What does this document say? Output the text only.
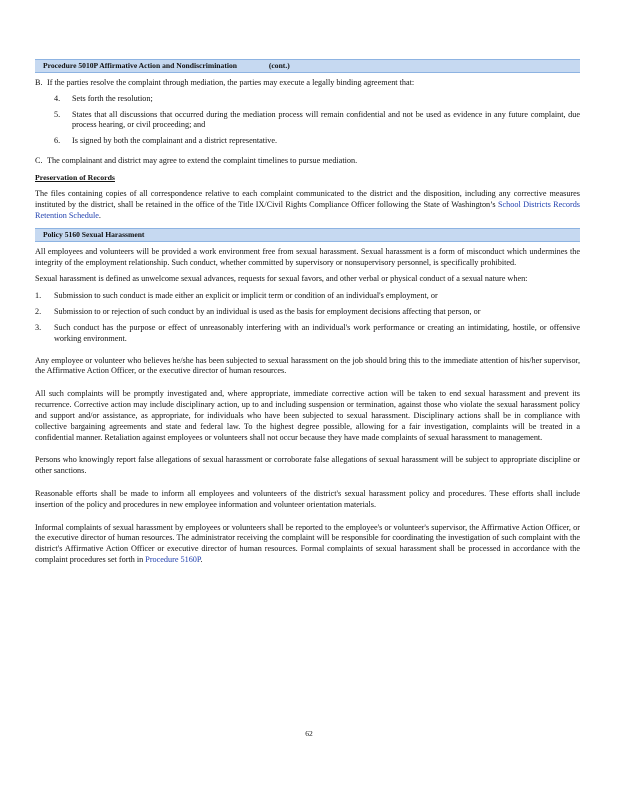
Procedure 5010P Affirmative Action and Nondiscrimination	(cont.)
B. If the parties resolve the complaint through mediation, the parties may execute a legally binding agreement that:
4. Sets forth the resolution;
5. States that all discussions that occurred during the mediation process will remain confidential and not be used as evidence in any future complaint, due process hearing, or civil proceeding; and
6. Is signed by both the complainant and a district representative.
C. The complainant and district may agree to extend the complaint timelines to pursue mediation.
Preservation of Records

The files containing copies of all correspondence relative to each complaint communicated to the district and the disposition, including any corrective measures instituted by the district, shall be retained in the office of the Title IX/Civil Rights Compliance Officer following the State of Washington’s School Districts Records Retention Schedule.

Policy 5160 Sexual Harassment

All employees and volunteers will be provided a work environment free from sexual harassment. Sexual harassment is a form of misconduct which undermines the integrity of the employment relationship. Such conduct, whether committed by supervisory or nonsupervisory personnel, is specifically prohibited.

Sexual harassment is defined as unwelcome sexual advances, requests for sexual favors, and other verbal or physical conduct of a sexual nature when:

1. Submission to such conduct is made either an explicit or implicit term or condition of an individual's employment, or
2. Submission to or rejection of such conduct by an individual is used as the basis for employment decisions affecting that person, or
3. Such conduct has the purpose or effect of unreasonably interfering with an individual's work performance or creating an intimidating, hostile, or offensive working environment.

Any employee or volunteer who believes he/she has been subjected to sexual harassment on the job should bring this to the immediate attention of his/her supervisor, the Affirmative Action Officer, or the executive director of human resources.

All such complaints will be promptly investigated and, where appropriate, immediate corrective action will be taken to end sexual harassment and prevent its recurrence. Corrective action may include disciplinary action, up to and including suspension or termination, against those who violate the sexual harassment policy and support and/or assistance, as appropriate, for individuals who have been subjected to sexual harassment. Disciplinary actions shall be in compliance with collective bargaining agreements and state and federal law. To the highest degree possible, allowing for a fair investigation, complaints will be treated in a confidential manner. Retaliation against employees or volunteers shall not occur because they have made complaints of sexual harassment to management.

Persons who knowingly report false allegations of sexual harassment or corroborate false allegations of sexual harassment will be subject to appropriate discipline or other sanctions.

Reasonable efforts shall be made to inform all employees and volunteers of the district's sexual harassment policy and procedures. These efforts shall include insertion of the policy and procedures in new employee information and volunteer orientation materials.

Informal complaints of sexual harassment by employees or volunteers shall be reported to the employee's or volunteer's supervisor, the Affirmative Action Officer, or the executive director of human resources. The administrator receiving the complaint will be responsible for coordinating the investigation of such complaint with the district's Affirmative Action Officer or executive director of human resources. Formal complaints of sexual harassment shall be processed in accordance with the complaint procedures set forth in Procedure 5160P.

62
